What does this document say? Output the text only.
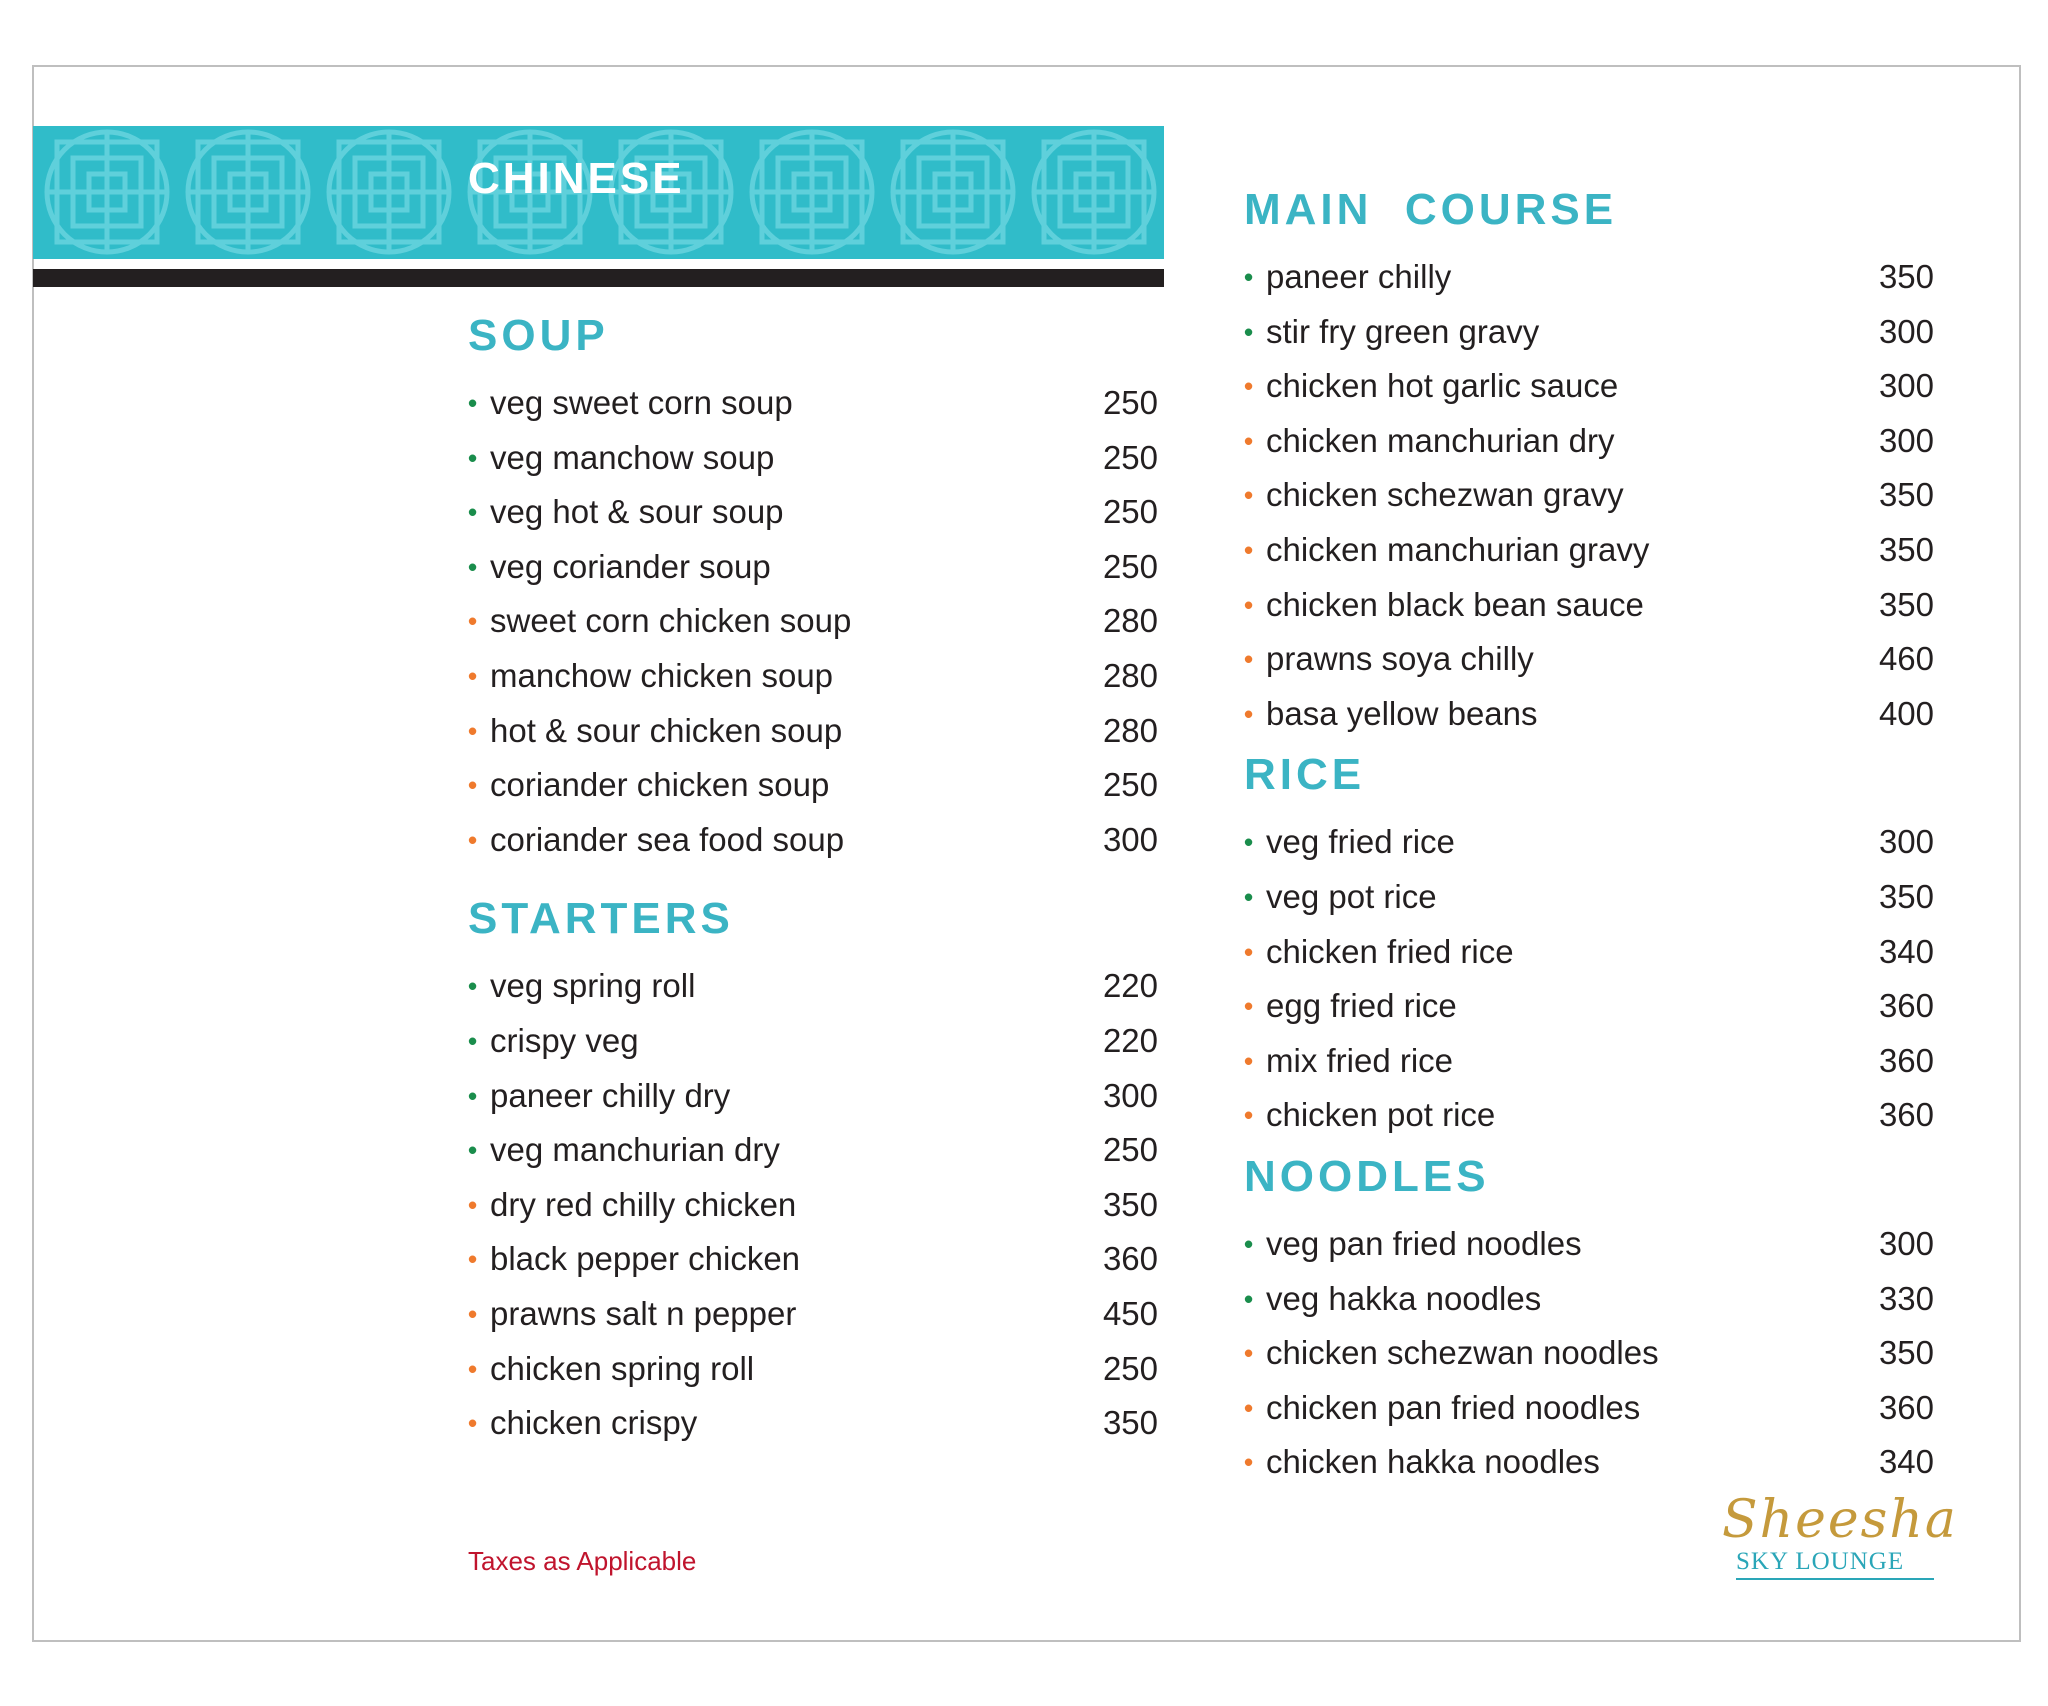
CHINESE
SOUP
• veg sweet corn soup	250
• veg manchow soup	250
• veg hot & sour soup	250
• veg coriander soup	250
• sweet corn chicken soup	280
• manchow chicken soup	280
• hot & sour chicken soup	280
• coriander chicken soup	250
• coriander sea food soup	300
STARTERS
• veg spring roll	220
• crispy veg	220
• paneer chilly dry	300
• veg manchurian dry	250
• dry red chilly chicken	350
• black pepper chicken	360
• prawns salt n pepper	450
• chicken spring roll	250
• chicken crispy	350
MAIN  COURSE
• paneer chilly	350
• stir fry green gravy	300
• chicken hot garlic sauce	300
• chicken manchurian dry	300
• chicken schezwan gravy	350
• chicken manchurian gravy	350
• chicken black bean sauce	350
• prawns soya chilly	460
• basa yellow beans	400
RICE
• veg fried rice	300
• veg pot rice	350
• chicken fried rice	340
• egg fried rice	360
• mix fried rice	360
• chicken pot rice	360
NOODLES
• veg pan fried noodles	300
• veg hakka noodles	330
• chicken schezwan noodles	350
• chicken pan fried noodles	360
• chicken hakka noodles	340
Taxes as Applicable
Sheesha
SKY LOUNGE
